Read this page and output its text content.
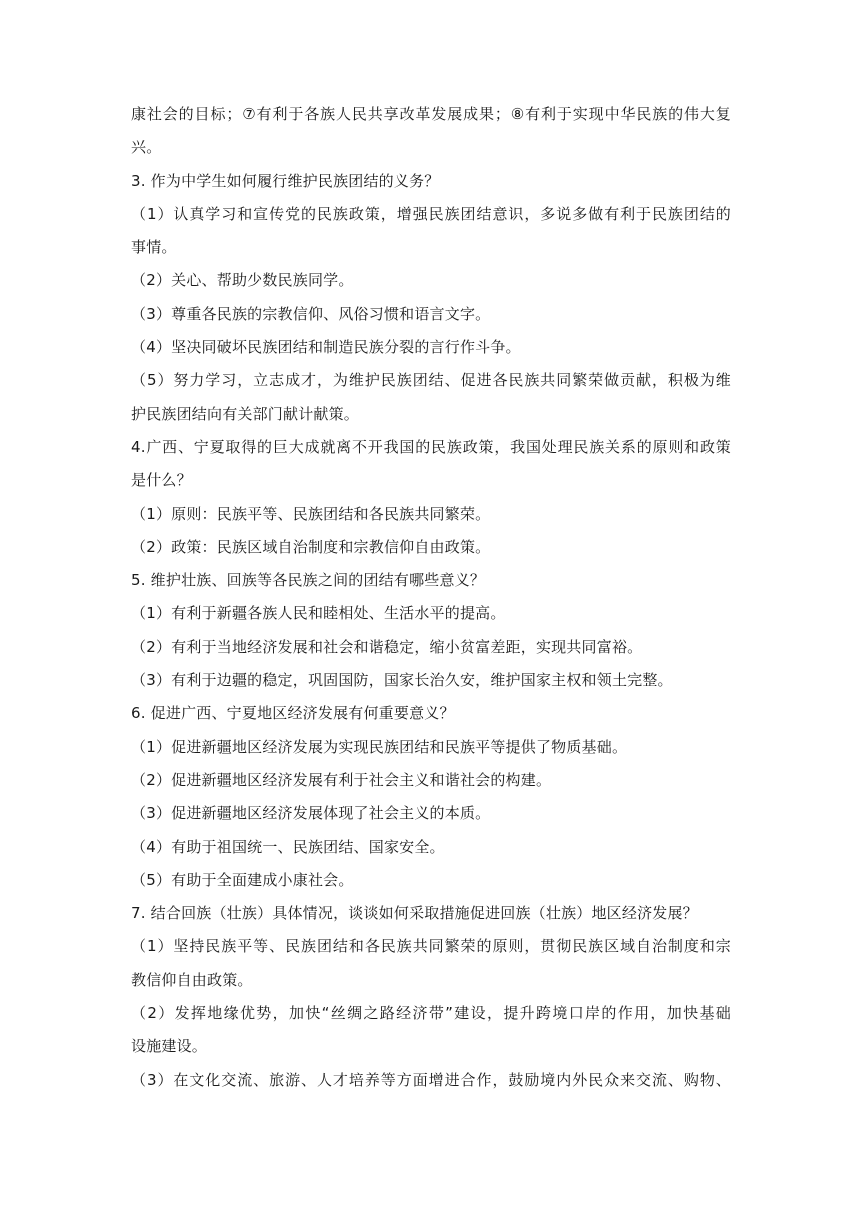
康社会的目标；⑦有利于各族人民共享改革发展成果；⑧有利于实现中华民族的伟大复
兴。
3. 作为中学生如何履行维护民族团结的义务？
（1）认真学习和宣传党的民族政策，增强民族团结意识，多说多做有利于民族团结的
事情。
（2）关心、帮助少数民族同学。
（3）尊重各民族的宗教信仰、风俗习惯和语言文字。
（4）坚决同破坏民族团结和制造民族分裂的言行作斗争。
（5）努力学习，立志成才，为维护民族团结、促进各民族共同繁荣做贡献，积极为维
护民族团结向有关部门献计献策。
4.广西、宁夏取得的巨大成就离不开我国的民族政策，我国处理民族关系的原则和政策
是什么？
（1）原则：民族平等、民族团结和各民族共同繁荣。
（2）政策：民族区域自治制度和宗教信仰自由政策。
5. 维护壮族、回族等各民族之间的团结有哪些意义？
（1）有利于新疆各族人民和睦相处、生活水平的提高。
（2）有利于当地经济发展和社会和谐稳定，缩小贫富差距，实现共同富裕。
（3）有利于边疆的稳定，巩固国防，国家长治久安，维护国家主权和领土完整。
6. 促进广西、宁夏地区经济发展有何重要意义？
（1）促进新疆地区经济发展为实现民族团结和民族平等提供了物质基础。
（2）促进新疆地区经济发展有利于社会主义和谐社会的构建。
（3）促进新疆地区经济发展体现了社会主义的本质。
（4）有助于祖国统一、民族团结、国家安全。
（5）有助于全面建成小康社会。
7. 结合回族（壮族）具体情况，谈谈如何采取措施促进回族（壮族）地区经济发展？
（1）坚持民族平等、民族团结和各民族共同繁荣的原则，贯彻民族区域自治制度和宗
教信仰自由政策。
（2）发挥地缘优势，加快“丝绸之路经济带”建设，提升跨境口岸的作用，加快基础
设施建设。
（3）在文化交流、旅游、人才培养等方面增进合作，鼓励境内外民众来交流、购物、
